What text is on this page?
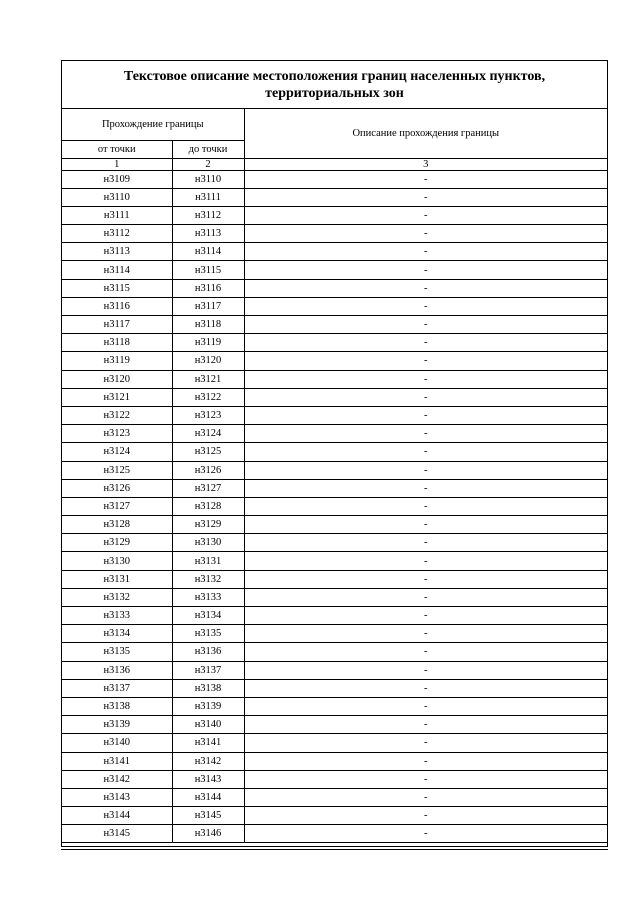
Текстовое описание местоположения границ населенных пунктов, территориальных зон
Прохождение границы		Описание прохождения границы
от точки	до точки	
1	2	3
н3109	н3110	-
н3110	н3111	-
н3111	н3112	-
н3112	н3113	-
н3113	н3114	-
н3114	н3115	-
н3115	н3116	-
н3116	н3117	-
н3117	н3118	-
н3118	н3119	-
н3119	н3120	-
н3120	н3121	-
н3121	н3122	-
н3122	н3123	-
н3123	н3124	-
н3124	н3125	-
н3125	н3126	-
н3126	н3127	-
н3127	н3128	-
н3128	н3129	-
н3129	н3130	-
н3130	н3131	-
н3131	н3132	-
н3132	н3133	-
н3133	н3134	-
н3134	н3135	-
н3135	н3136	-
н3136	н3137	-
н3137	н3138	-
н3138	н3139	-
н3139	н3140	-
н3140	н3141	-
н3141	н3142	-
н3142	н3143	-
н3143	н3144	-
н3144	н3145	-
н3145	н3146	-
